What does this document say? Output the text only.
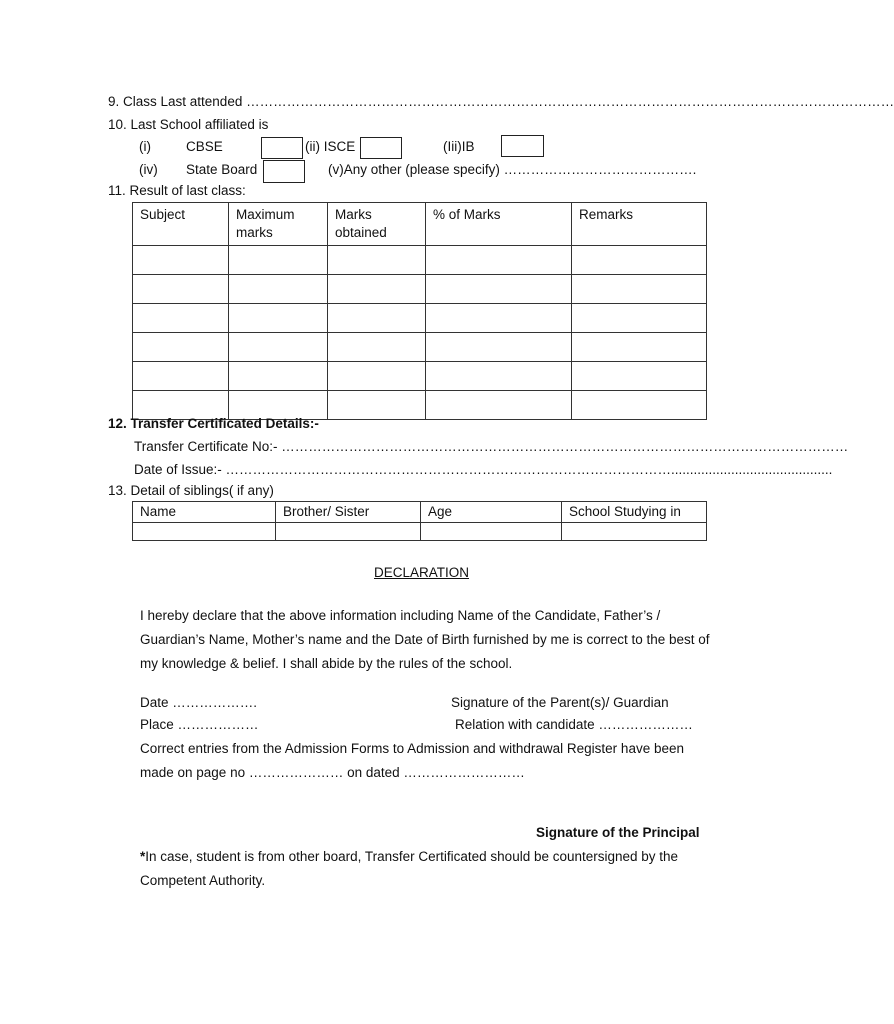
9. Class Last attended ………………………………………………………………………………………………………………………………
10. Last School affiliated is
(i)	CBSE	(ii) ISCE	(Iii)IB
(iv) State Board	(v)Any other (please specify) …………………………………….
11. Result of last class:
Subject	Maximum marks	Marks obtained	% of Marks	Remarks

12. Transfer Certificated Details:-
Transfer Certificate No:- ………………………………………………………………………………………………………………
Date of Issue:- ………………………………………………………………………………………...........................................
13. Detail of siblings( if any)
Name	Brother/ Sister	Age	School Studying in

DECLARATION
I hereby declare that the above information including Name of the Candidate, Father’s / Guardian’s Name, Mother’s name and the Date of Birth furnished by me is correct to the best of my knowledge & belief. I shall abide by the rules of the school.
Date ……………….	Signature of the Parent(s)/ Guardian
Place ………………	Relation with candidate …………………
Correct entries from the Admission Forms to Admission and withdrawal Register have been made on page no ………………… on dated ………………………
Signature of the Principal
*In case, student is from other board, Transfer Certificated should be countersigned by the Competent Authority.
